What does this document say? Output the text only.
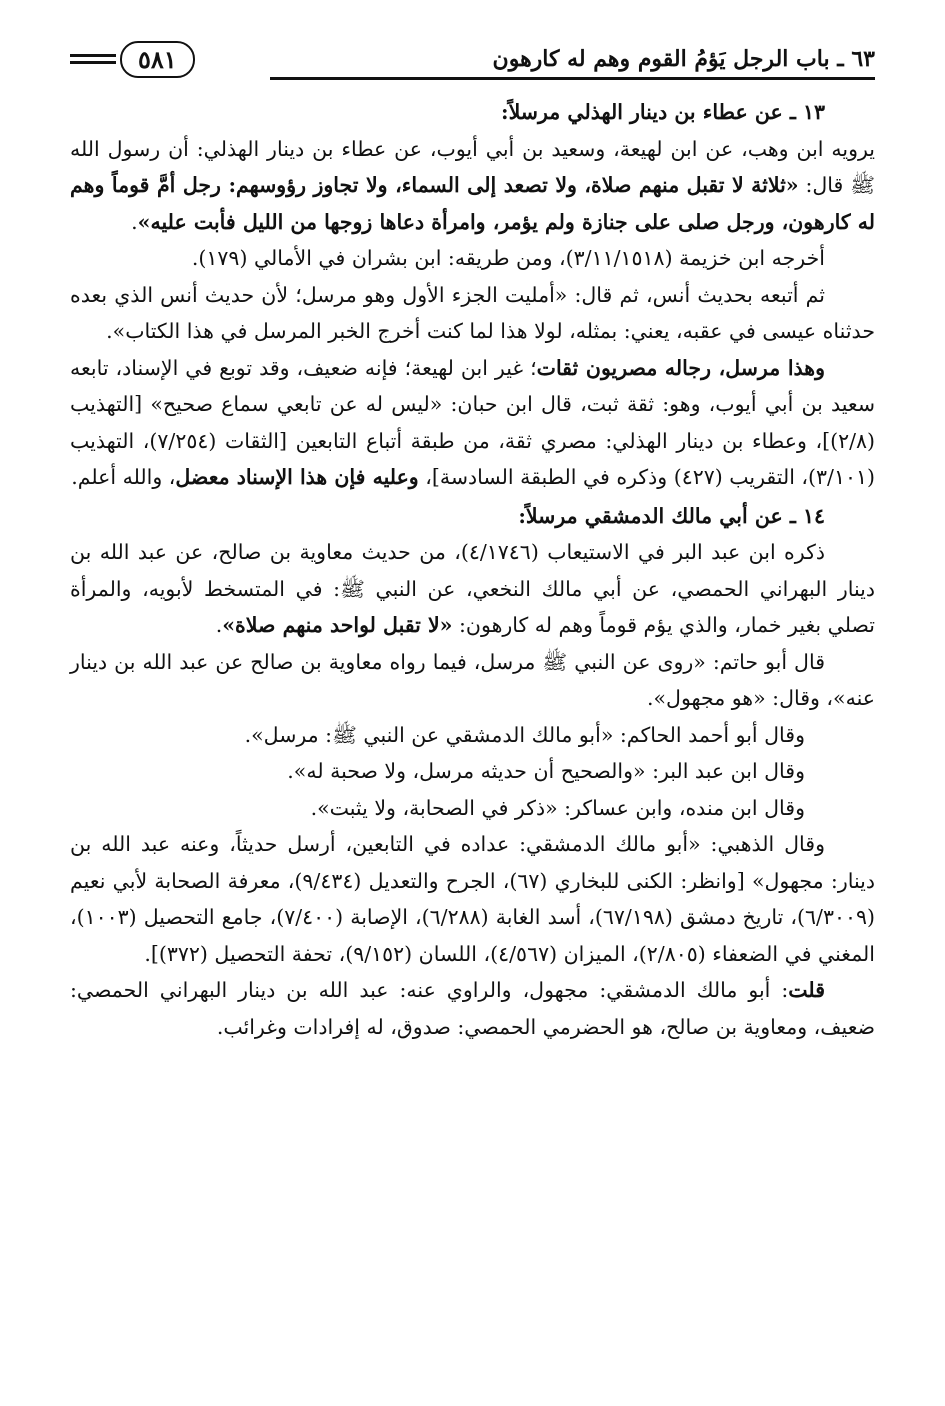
٦٣ ـ باب الرجل يَؤمُ القوم وهم له كارهون
٥٨١

١٣ ـ عن عطاء بن دينار الهذلي مرسلاً:

يرويه ابن وهب، عن ابن لهيعة، وسعيد بن أبي أيوب، عن عطاء بن دينار الهذلي: أن رسول الله ﷺ قال: «ثلاثة لا تقبل منهم صلاة، ولا تصعد إلى السماء، ولا تجاوز رؤوسهم: رجل أمَّ قوماً وهم له كارهون، ورجل صلى على جنازة ولم يؤمر، وامرأة دعاها زوجها من الليل فأبت عليه».

أخرجه ابن خزيمة (٣/١١/١٥١٨)، ومن طريقه: ابن بشران في الأمالي (١٧٩).

ثم أتبعه بحديث أنس، ثم قال: «أمليت الجزء الأول وهو مرسل؛ لأن حديث أنس الذي بعده حدثناه عيسى في عقبه، يعني: بمثله، لولا هذا لما كنت أخرج الخبر المرسل في هذا الكتاب».

وهذا مرسل، رجاله مصريون ثقات؛ غير ابن لهيعة؛ فإنه ضعيف، وقد توبع في الإسناد، تابعه سعيد بن أبي أيوب، وهو: ثقة ثبت، قال ابن حبان: «ليس له عن تابعي سماع صحيح» [التهذيب (٢/٨)]، وعطاء بن دينار الهذلي: مصري ثقة، من طبقة أتباع التابعين [الثقات (٧/٢٥٤)، التهذيب (٣/١٠١)، التقريب (٤٢٧) وذكره في الطبقة السادسة]، وعليه فإن هذا الإسناد معضل، والله أعلم.

١٤ ـ عن أبي مالك الدمشقي مرسلاً:

ذكره ابن عبد البر في الاستيعاب (٤/١٧٤٦)، من حديث معاوية بن صالح، عن عبد الله بن دينار البهراني الحمصي، عن أبي مالك النخعي، عن النبي ﷺ: في المتسخط لأبويه، والمرأة تصلي بغير خمار، والذي يؤم قوماً وهم له كارهون: «لا تقبل لواحد منهم صلاة».

قال أبو حاتم: «روى عن النبي ﷺ مرسل، فيما رواه معاوية بن صالح عن عبد الله بن دينار عنه»، وقال: «هو مجهول».

وقال أبو أحمد الحاكم: «أبو مالك الدمشقي عن النبي ﷺ: مرسل».

وقال ابن عبد البر: «والصحيح أن حديثه مرسل، ولا صحبة له».

وقال ابن منده، وابن عساكر: «ذكر في الصحابة، ولا يثبت».

وقال الذهبي: «أبو مالك الدمشقي: عداده في التابعين، أرسل حديثاً، وعنه عبد الله بن دينار: مجهول» [وانظر: الكنى للبخاري (٦٧)، الجرح والتعديل (٩/٤٣٤)، معرفة الصحابة لأبي نعيم (٦/٣٠٠٩)، تاريخ دمشق (٦٧/١٩٨)، أسد الغابة (٦/٢٨٨)، الإصابة (٧/٤٠٠)، جامع التحصيل (١٠٠٣)، المغني في الضعفاء (٢/٨٠٥)، الميزان (٤/٥٦٧)، اللسان (٩/١٥٢)، تحفة التحصيل (٣٧٢)].

قلت: أبو مالك الدمشقي: مجهول، والراوي عنه: عبد الله بن دينار البهراني الحمصي: ضعيف، ومعاوية بن صالح، هو الحضرمي الحمصي: صدوق، له إفرادات وغرائب.
